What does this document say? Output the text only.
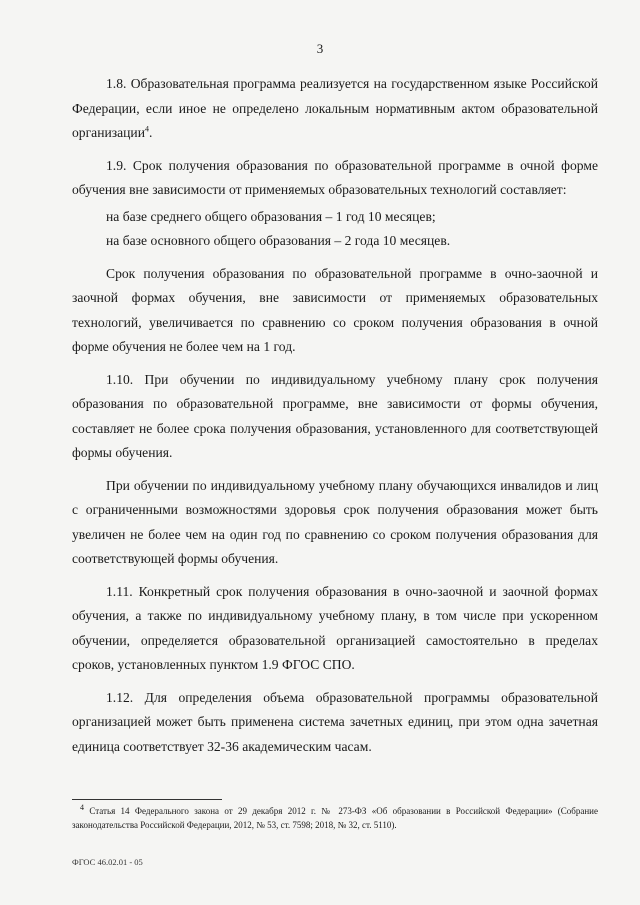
3

1.8. Образовательная программа реализуется на государственном языке Российской Федерации, если иное не определено локальным нормативным актом образовательной организации$^4$.

1.9. Срок получения образования по образовательной программе в очной форме обучения вне зависимости от применяемых образовательных технологий составляет:

на базе среднего общего образования – 1 год 10 месяцев;

на базе основного общего образования – 2 года 10 месяцев.

Срок получения образования по образовательной программе в очно-заочной и заочной формах обучения, вне зависимости от применяемых образовательных технологий, увеличивается по сравнению со сроком получения образования в очной форме обучения не более чем на 1 год.

1.10. При обучении по индивидуальному учебному плану срок получения образования по образовательной программе, вне зависимости от формы обучения, составляет не более срока получения образования, установленного для соответствующей формы обучения.

При обучении по индивидуальному учебному плану обучающихся инвалидов и лиц с ограниченными возможностями здоровья срок получения образования может быть увеличен не более чем на один год по сравнению со сроком получения образования для соответствующей формы обучения.

1.11. Конкретный срок получения образования в очно-заочной и заочной формах обучения, а также по индивидуальному учебному плану, в том числе при ускоренном обучении, определяется образовательной организацией самостоятельно в пределах сроков, установленных пунктом 1.9 ФГОС СПО.

1.12. Для определения объема образовательной программы образовательной организацией может быть применена система зачетных единиц, при этом одна зачетная единица соответствует 32-36 академическим часам.

$^4$ Статья 14 Федерального закона от 29 декабря 2012 г. № 273-ФЗ «Об образовании в Российской Федерации» (Собрание законодательства Российской Федерации, 2012, № 53, ст. 7598; 2018, № 32, ст. 5110).
ФГОС 46.02.01 - 05
